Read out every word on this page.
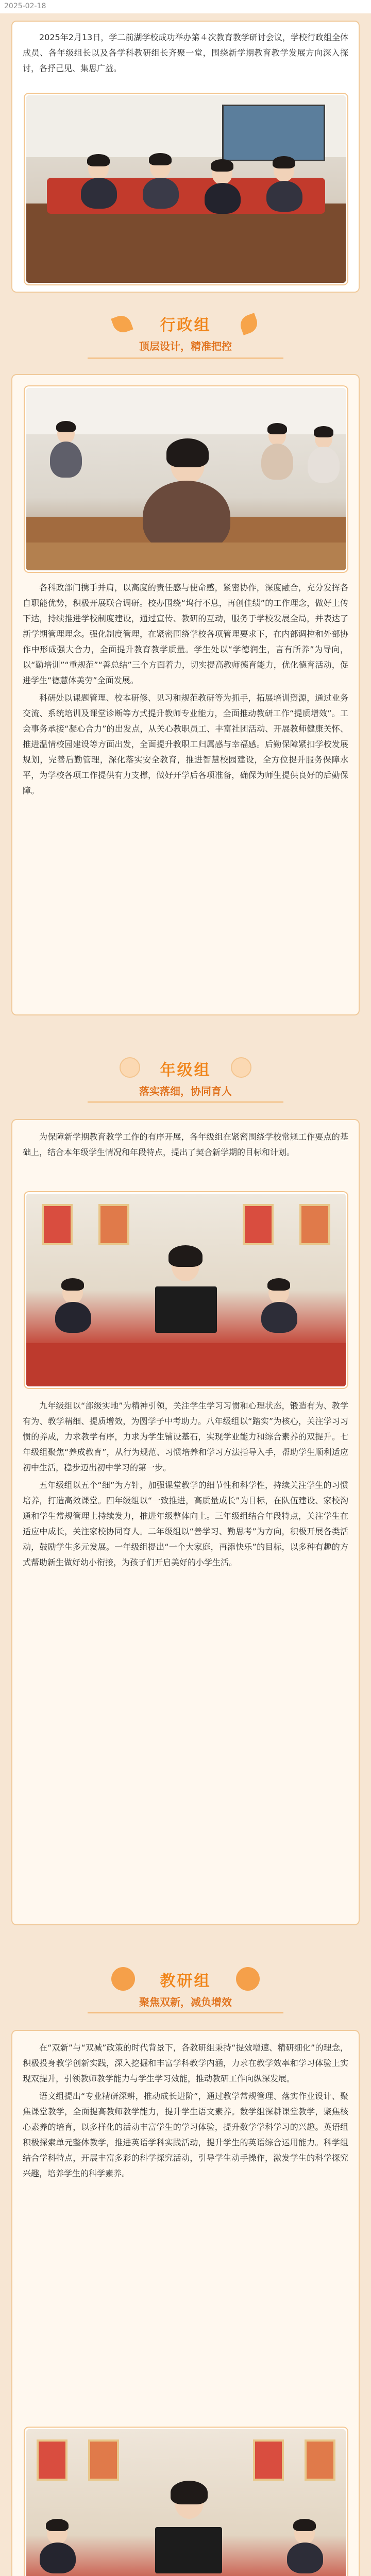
2025-02-18

2025年2月13日，学二前湖学校成功举办第４次教育教学研讨会议，学校行政组全体成员、各年级组长以及各学科教研组长齐聚一堂，围绕新学期教育教学发展方向深入探讨，各抒己见、集思广益。

行政组
顶层设计，精准把控

各科政部门携手并肩，以高度的责任感与使命感，紧密协作，深度融合，充分发挥各自职能优势，积极开展联合调研。校办围绕“坞行不息，再创佳绩”的工作理念，做好上传下达，持续推进学校制度建设，通过宣传、教研的互动，服务于学校发展全局，并表达了新学期管理理念。强化制度管理，在紧密围绕学校各项管理要求下，在内部调控和外部协作中形成强大合力，全面提升教育教学质量。学生处以“学德润生，言有所养”为导向，以“勤培训”“重规范”“善总结”三个方面着力，切实提高教师德育能力，优化德育活动，促进学生“德慧体美劳”全面发展。

科研处以课题管理、校本研修、见习和规范教研等为抓手，拓展培训资源，通过业务交流、系统培训及课堂诊断等方式提升教师专业能力，全面推动教研工作“提质增效”。工会事务承接“凝心合力”的出发点，从关心教职员工、丰富社团活动、开展教师健康关怀、推进温情校园建设等方面出发，全面提升教职工归属感与幸福感。后勤保障紧扣学校发展规划，完善后勤管理，深化落实安全教育，推进智慧校园建设，全方位提升服务保障水平，为学校各项工作提供有力支撑，做好开学后各项准备，确保为师生提供良好的后勤保障。

年级组
落实落细，协同育人

为保障新学期教育教学工作的有序开展，各年级组在紧密围绕学校常规工作要点的基础上，结合本年级学生情况和年段特点，提出了契合新学期的目标和计划。

九年级组以“部级实地”为精神引领，关注学生学习习惯和心理状态，锻造有为、教学有为、教学精细、提质增效，为圆学子中考助力。八年级组以“踏实”为核心，关注学习习惯的养成，力求教学有序，力求为学生铺设基石，实现学业能力和综合素养的双提升。七年级组聚焦“养成教育”，从行为规范、习惯培养和学习方法指导入手，帮助学生顺利适应初中生活，稳步迈出初中学习的第一步。

五年级组以五个“细”为方针，加强课堂教学的细节性和科学性，持续关注学生的习惯培养，打造高效课堂。四年级组以“一致推进，高质量成长”为目标，在队伍建设、家校沟通和学生常规管理上持续发力，推进年级整体向上。三年级组结合年段特点，关注学生在适应中成长，关注家校协同育人。二年级组以“善学习、勤思考”为方向，积极开展各类活动，鼓励学生多元发展。一年级组提出“一个大家庭，再添快乐”的目标，以多种有趣的方式帮助新生做好幼小衔接，为孩子们开启美好的小学生活。

教研组
聚焦双新，减负增效

在“双新”与“双减”政策的时代背景下，各教研组秉持“提效增速、精研细化”的理念，积极投身教学创新实践，深入挖掘和丰富学科教学内涵，力求在教学效率和学习体验上实现双提升，引领教师教学能力与学生学习效能，推动教研工作向纵深发展。

语文组提出“专业精研深耕，推动成长进阶”，通过教学常规管理、落实作业设计、聚焦课堂教学，全面提高教师教学能力，提升学生语文素养。数学组深耕课堂教学，聚焦核心素养的培育，以多样化的活动丰富学生的学习体验，提升数学学科学习的兴趣。英语组积极探索单元整体教学，推进英语学科实践活动，提升学生的英语综合运用能力。科学组结合学科特点，开展丰富多彩的科学探究活动，引导学生动手操作，激发学生的科学探究兴趣，培养学生的科学素养。
